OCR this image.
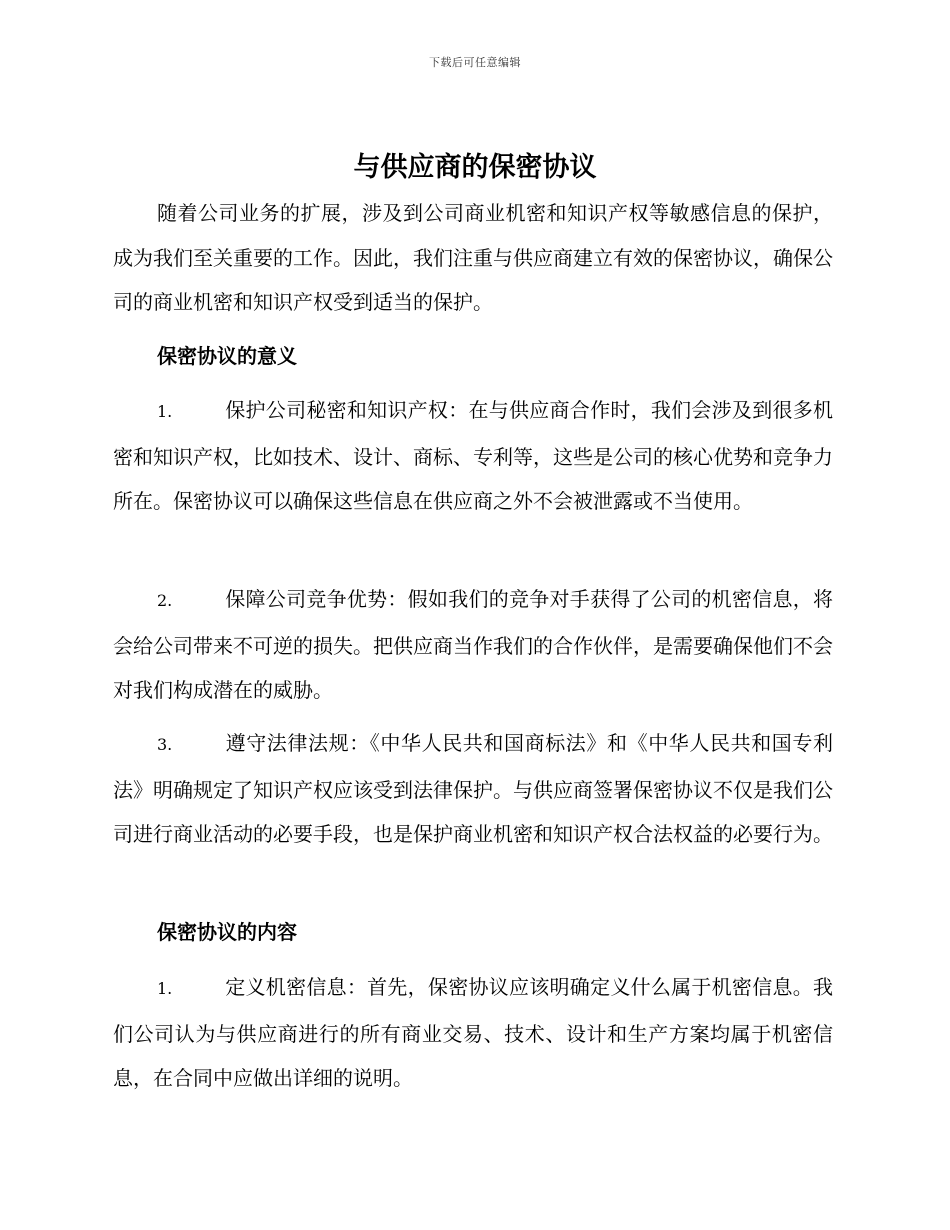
下载后可任意编辑
与供应商的保密协议

随着公司业务的扩展，涉及到公司商业机密和知识产权等敏感信息的保护，成为我们至关重要的工作。因此，我们注重与供应商建立有效的保密协议，确保公司的商业机密和知识产权受到适当的保护。

保密协议的意义

1.	保护公司秘密和知识产权：在与供应商合作时，我们会涉及到很多机密和知识产权，比如技术、设计、商标、专利等，这些是公司的核心优势和竞争力所在。保密协议可以确保这些信息在供应商之外不会被泄露或不当使用。

2.	保障公司竞争优势：假如我们的竞争对手获得了公司的机密信息，将会给公司带来不可逆的损失。把供应商当作我们的合作伙伴，是需要确保他们不会对我们构成潜在的威胁。

3.	遵守法律法规：《中华人民共和国商标法》和《中华人民共和国专利法》明确规定了知识产权应该受到法律保护。与供应商签署保密协议不仅是我们公司进行商业活动的必要手段，也是保护商业机密和知识产权合法权益的必要行为。

保密协议的内容

1.	定义机密信息：首先，保密协议应该明确定义什么属于机密信息。我们公司认为与供应商进行的所有商业交易、技术、设计和生产方案均属于机密信息，在合同中应做出详细的说明。
